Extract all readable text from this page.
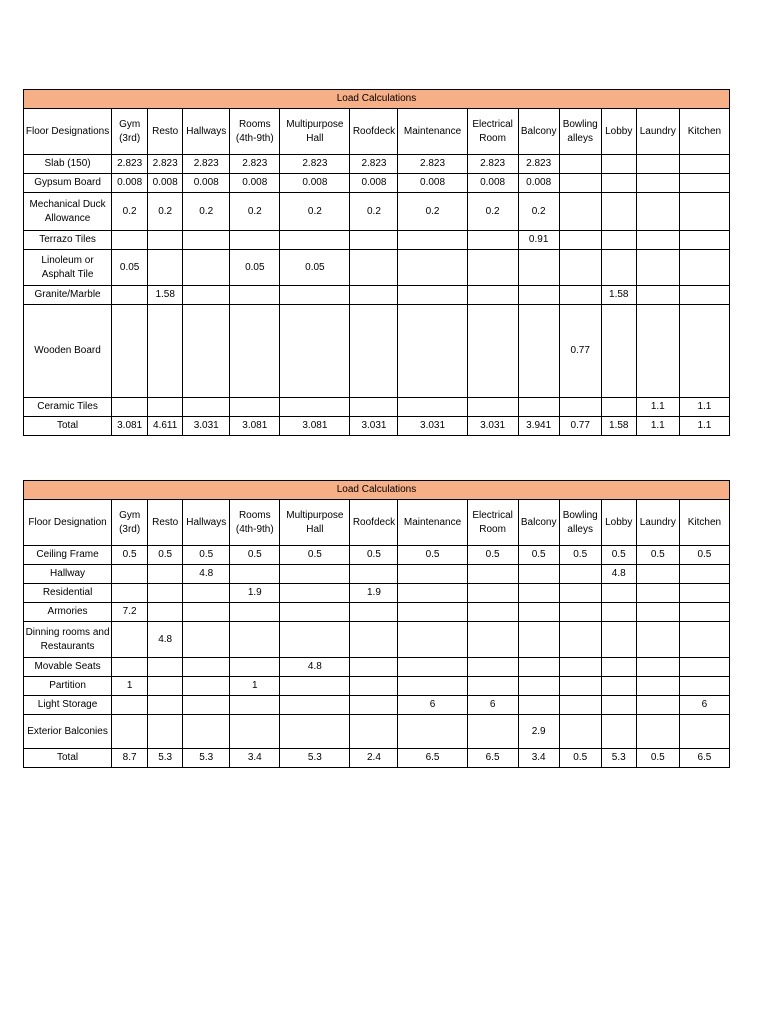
Load Calculations													
Floor Designations	Gym (3rd)	Resto	Hallways	Rooms (4th-9th)	Multipurpose Hall	Roofdeck	Maintenance	Electrical Room	Balcony	Bowling alleys	Lobby	Laundry	Kitchen
Slab (150)	2.823	2.823	2.823	2.823	2.823	2.823	2.823	2.823	2.823				
Gypsum Board	0.008	0.008	0.008	0.008	0.008	0.008	0.008	0.008	0.008				
Mechanical Duck Allowance	0.2	0.2	0.2	0.2	0.2	0.2	0.2	0.2	0.2				
Terrazo Tiles									0.91				
Linoleum or Asphalt Tile	0.05			0.05	0.05								
Granite/Marble		1.58									1.58		
Wooden Board										0.77			
Ceramic Tiles												1.1	1.1
Total	3.081	4.611	3.031	3.081	3.081	3.031	3.031	3.031	3.941	0.77	1.58	1.1	1.1
Load Calculations													
Floor Designation	Gym (3rd)	Resto	Hallways	Rooms (4th-9th)	Multipurpose Hall	Roofdeck	Maintenance	Electrical Room	Balcony	Bowling alleys	Lobby	Laundry	Kitchen
Ceiling Frame	0.5	0.5	0.5	0.5	0.5	0.5	0.5	0.5	0.5	0.5	0.5	0.5	0.5
Hallway			4.8								4.8		
Residential				1.9		1.9							
Armories	7.2												
Dinning rooms and Restaurants		4.8											
Movable Seats					4.8								
Partition	1			1									
Light Storage							6	6					6
Exterior Balconies									2.9				
Total	8.7	5.3	5.3	3.4	5.3	2.4	6.5	6.5	3.4	0.5	5.3	0.5	6.5
